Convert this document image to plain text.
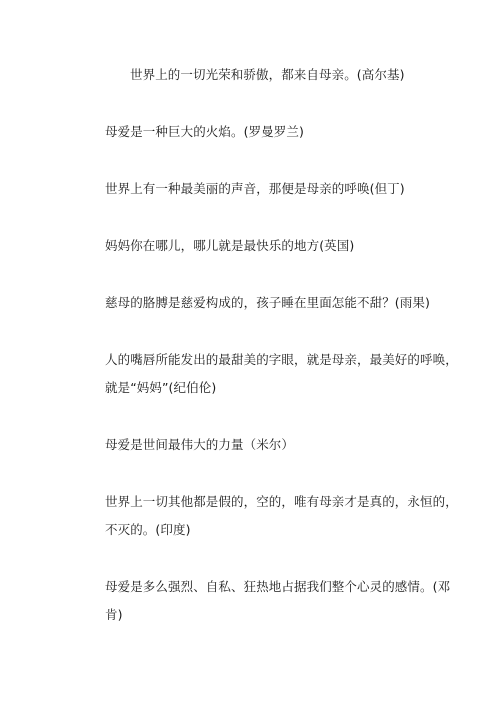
世界上的一切光荣和骄傲，都来自母亲。(高尔基)
母爱是一种巨大的火焰。(罗曼罗兰)
世界上有一种最美丽的声音，那便是母亲的呼唤(但丁)
妈妈你在哪儿，哪儿就是最快乐的地方(英国)
慈母的胳膊是慈爱构成的，孩子睡在里面怎能不甜？(雨果)
人的嘴唇所能发出的最甜美的字眼，就是母亲，最美好的呼唤，
就是“妈妈”(纪伯伦)
母爱是世间最伟大的力量（米尔）
世界上一切其他都是假的，空的，唯有母亲才是真的，永恒的，
不灭的。(印度)
母爱是多么强烈、自私、狂热地占据我们整个心灵的感情。(邓
肯)
